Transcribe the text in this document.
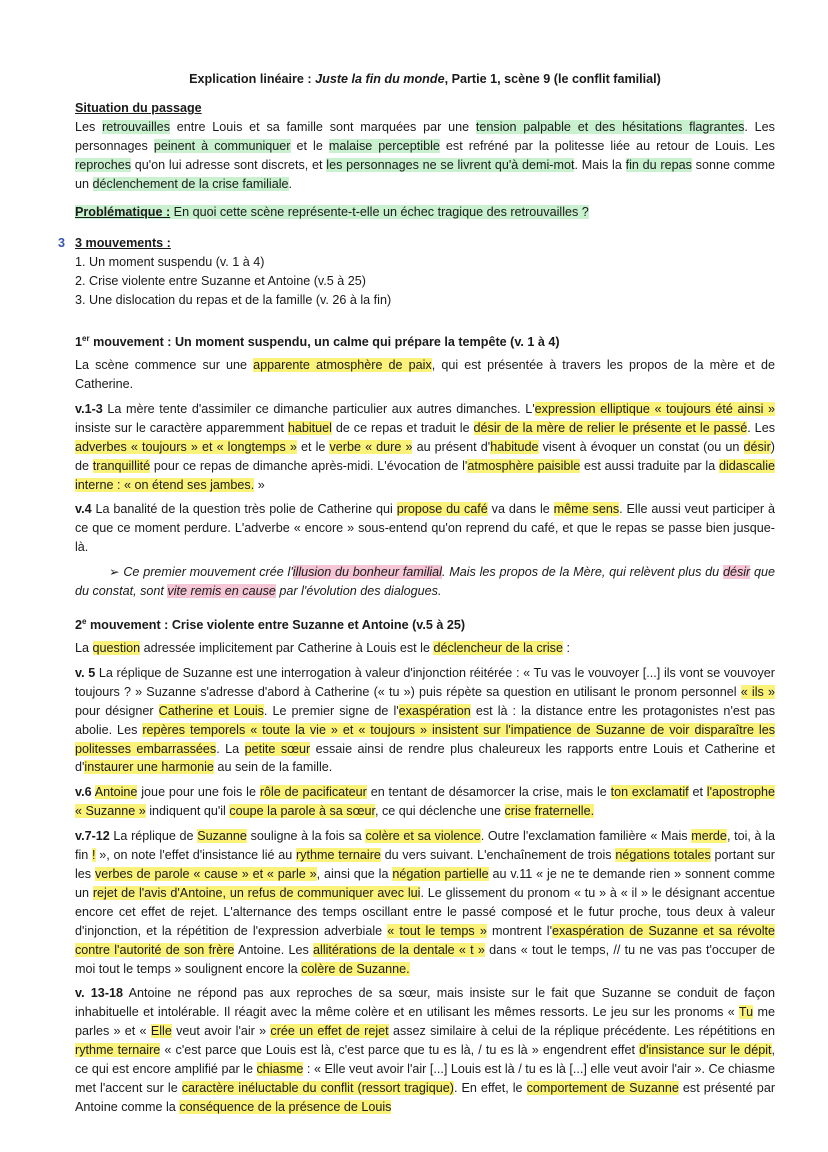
Explication linéaire : Juste la fin du monde, Partie 1, scène 9 (le conflit familial)
Situation du passage
Les retrouvailles entre Louis et sa famille sont marquées par une tension palpable et des hésitations flagrantes. Les personnages peinent à communiquer et le malaise perceptible est refréné par la politesse liée au retour de Louis. Les reproches qu'on lui adresse sont discrets, et les personnages ne se livrent qu'à demi-mot. Mais la fin du repas sonne comme un déclenchement de la crise familiale.
Problématique : En quoi cette scène représente-t-elle un échec tragique des retrouvailles ?
3 3 mouvements :
1. Un moment suspendu (v. 1 à 4)
2. Crise violente entre Suzanne et Antoine (v.5 à 25)
3. Une dislocation du repas et de la famille (v. 26 à la fin)
1er mouvement : Un moment suspendu, un calme qui prépare la tempête (v. 1 à 4)
La scène commence sur une apparente atmosphère de paix, qui est présentée à travers les propos de la mère et de Catherine.
v.1-3 La mère tente d'assimiler ce dimanche particulier aux autres dimanches. L'expression elliptique « toujours été ainsi » insiste sur le caractère apparemment habituel de ce repas et traduit le désir de la mère de relier le présente et le passé. Les adverbes « toujours » et « longtemps » et le verbe « dure » au présent d'habitude visent à évoquer un constat (ou un désir) de tranquillité pour ce repas de dimanche après-midi. L'évocation de l'atmosphère paisible est aussi traduite par la didascalie interne : « on étend ses jambes. »
v.4 La banalité de la question très polie de Catherine qui propose du café va dans le même sens. Elle aussi veut participer à ce que ce moment perdure. L'adverbe « encore » sous-entend qu'on reprend du café, et que le repas se passe bien jusque-là.
➢ Ce premier mouvement crée l'illusion du bonheur familial. Mais les propos de la Mère, qui relèvent plus du désir que du constat, sont vite remis en cause par l'évolution des dialogues.
2e mouvement : Crise violente entre Suzanne et Antoine (v.5 à 25)
La question adressée implicitement par Catherine à Louis est le déclencheur de la crise :
v. 5 La réplique de Suzanne est une interrogation à valeur d'injonction réitérée : « Tu vas le vouvoyer [...] ils vont se vouvoyer toujours ? » Suzanne s'adresse d'abord à Catherine (« tu ») puis répète sa question en utilisant le pronom personnel « ils » pour désigner Catherine et Louis. Le premier signe de l'exaspération est là : la distance entre les protagonistes n'est pas abolie. Les repères temporels « toute la vie » et « toujours » insistent sur l'impatience de Suzanne de voir disparaître les politesses embarrassées. La petite sœur essaie ainsi de rendre plus chaleureux les rapports entre Louis et Catherine et d'instaurer une harmonie au sein de la famille.
v.6 Antoine joue pour une fois le rôle de pacificateur en tentant de désamorcer la crise, mais le ton exclamatif et l'apostrophe « Suzanne » indiquent qu'il coupe la parole à sa sœur, ce qui déclenche une crise fraternelle.
v.7-12 La réplique de Suzanne souligne à la fois sa colère et sa violence. Outre l'exclamation familière « Mais merde, toi, à la fin ! », on note l'effet d'insistance lié au rythme ternaire du vers suivant. L'enchaînement de trois négations totales portant sur les verbes de parole « cause » et « parle », ainsi que la négation partielle au v.11 « je ne te demande rien » sonnent comme un rejet de l'avis d'Antoine, un refus de communiquer avec lui. Le glissement du pronom « tu » à « il » le désignant accentue encore cet effet de rejet. L'alternance des temps oscillant entre le passé composé et le futur proche, tous deux à valeur d'injonction, et la répétition de l'expression adverbiale « tout le temps » montrent l'exaspération de Suzanne et sa révolte contre l'autorité de son frère Antoine. Les allitérations de la dentale « t » dans « tout le temps, // tu ne vas pas t'occuper de moi tout le temps » soulignent encore la colère de Suzanne.
v. 13-18 Antoine ne répond pas aux reproches de sa sœur, mais insiste sur le fait que Suzanne se conduit de façon inhabituelle et intolérable. Il réagit avec la même colère et en utilisant les mêmes ressorts. Le jeu sur les pronoms « Tu me parles » et « Elle veut avoir l'air » crée un effet de rejet assez similaire à celui de la réplique précédente. Les répétitions en rythme ternaire « c'est parce que Louis est là, c'est parce que tu es là, / tu es là » engendrent effet d'insistance sur le dépit, ce qui est encore amplifié par le chiasme : « Elle veut avoir l'air [...] Louis est là / tu es là [...] elle veut avoir l'air ». Ce chiasme met l'accent sur le caractère inéluctable du conflit (ressort tragique). En effet, le comportement de Suzanne est présenté par Antoine comme la conséquence de la présence de Louis
